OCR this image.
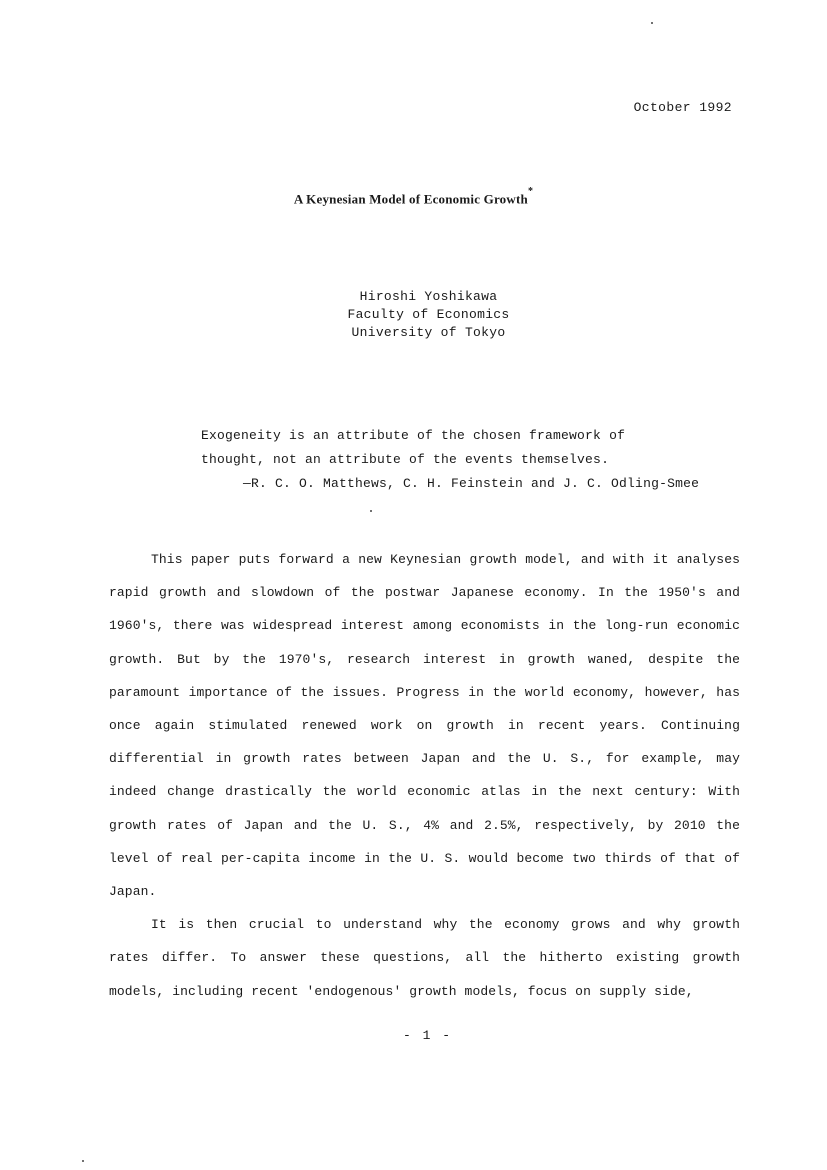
October 1992
A Keynesian Model of Economic Growth*
Hiroshi Yoshikawa
Faculty of Economics
University of Tokyo
Exogeneity is an attribute of the chosen framework of
thought, not an attribute of the events themselves.
—R. C. O. Matthews, C. H. Feinstein and J. C. Odling-Smee

This paper puts forward a new Keynesian growth model, and with it analyses rapid growth and slowdown of the postwar Japanese economy. In the 1950's and 1960's, there was widespread interest among economists in the long-run economic growth. But by the 1970's, research interest in growth waned, despite the paramount importance of the issues. Progress in the world economy, however, has once again stimulated renewed work on growth in recent years. Continuing differential in growth rates between Japan and the U. S., for example, may indeed change drastically the world economic atlas in the next century: With growth rates of Japan and the U. S., 4% and 2.5%, respectively, by 2010 the level of real per-capita income in the U. S. would become two thirds of that of Japan.

It is then crucial to understand why the economy grows and why growth rates differ. To answer these questions, all the hitherto existing growth models, including recent 'endogenous' growth models, focus on supply side,

- 1 -
